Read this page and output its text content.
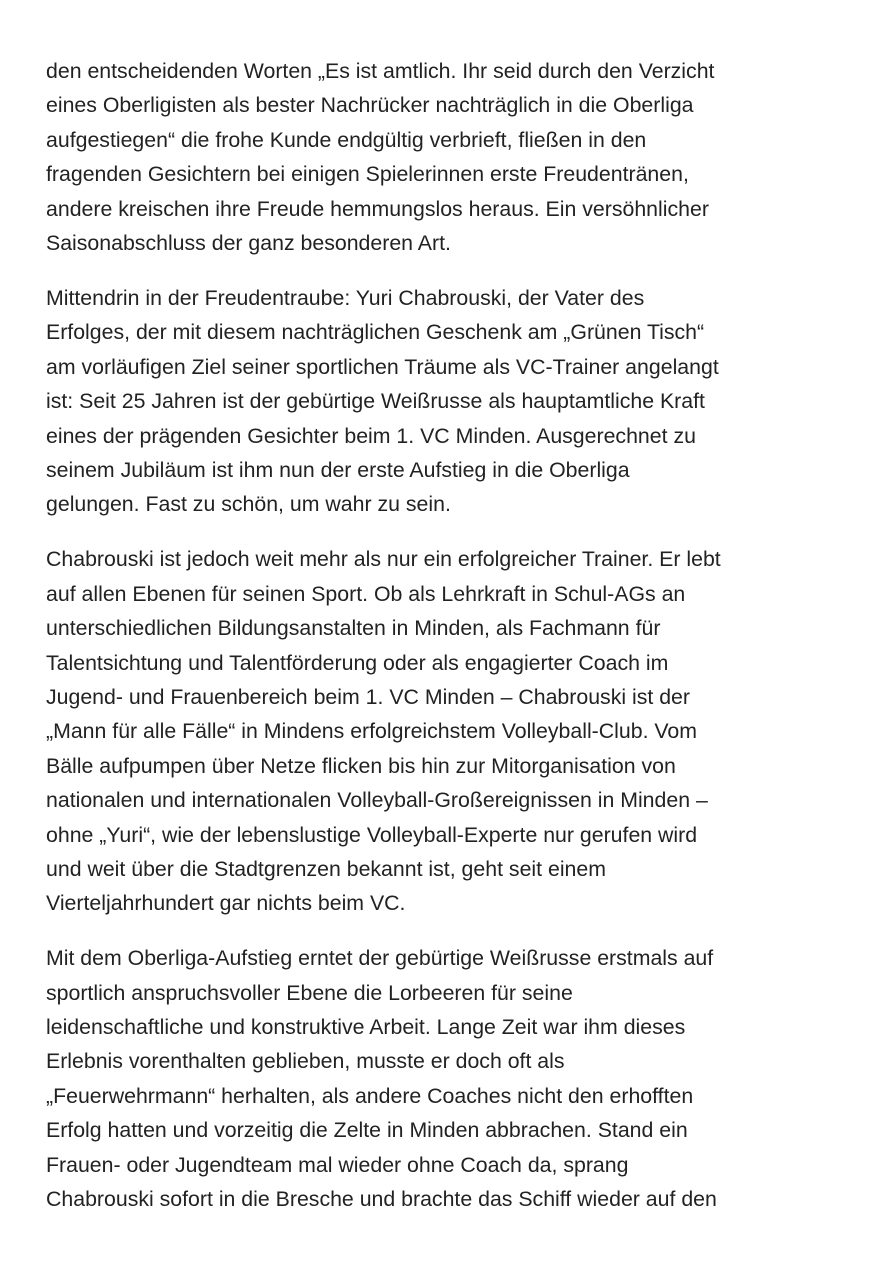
den entscheidenden Worten „Es ist amtlich. Ihr seid durch den Verzicht
eines Oberligisten als bester Nachrücker nachträglich in die Oberliga
aufgestiegen“ die frohe Kunde endgültig verbrieft, fließen in den
fragenden Gesichtern bei einigen Spielerinnen erste Freudentränen,
andere kreischen ihre Freude hemmungslos heraus. Ein versöhnlicher
Saisonabschluss der ganz besonderen Art.

Mittendrin in der Freudentraube: Yuri Chabrouski, der Vater des
Erfolges, der mit diesem nachträglichen Geschenk am „Grünen Tisch“
am vorläufigen Ziel seiner sportlichen Träume als VC-Trainer angelangt
ist: Seit 25 Jahren ist der gebürtige Weißrusse als hauptamtliche Kraft
eines der prägenden Gesichter beim 1. VC Minden. Ausgerechnet zu
seinem Jubiläum ist ihm nun der erste Aufstieg in die Oberliga
gelungen. Fast zu schön, um wahr zu sein.

Chabrouski ist jedoch weit mehr als nur ein erfolgreicher Trainer. Er lebt
auf allen Ebenen für seinen Sport. Ob als Lehrkraft in Schul-AGs an
unterschiedlichen Bildungsanstalten in Minden, als Fachmann für
Talentsichtung und Talentförderung oder als engagierter Coach im
Jugend- und Frauenbereich beim 1. VC Minden – Chabrouski ist der
„Mann für alle Fälle“ in Mindens erfolgreichstem Volleyball-Club. Vom
Bälle aufpumpen über Netze flicken bis hin zur Mitorganisation von
nationalen und internationalen Volleyball-Großereignissen in Minden –
ohne „Yuri“, wie der lebenslustige Volleyball-Experte nur gerufen wird
und weit über die Stadtgrenzen bekannt ist, geht seit einem
Vierteljahrhundert gar nichts beim VC.

Mit dem Oberliga-Aufstieg erntet der gebürtige Weißrusse erstmals auf
sportlich anspruchsvoller Ebene die Lorbeeren für seine
leidenschaftliche und konstruktive Arbeit. Lange Zeit war ihm dieses
Erlebnis vorenthalten geblieben, musste er doch oft als
„Feuerwehrmann“ herhalten, als andere Coaches nicht den erhofften
Erfolg hatten und vorzeitig die Zelte in Minden abbrachen. Stand ein
Frauen- oder Jugendteam mal wieder ohne Coach da, sprang
Chabrouski sofort in die Bresche und brachte das Schiff wieder auf den
